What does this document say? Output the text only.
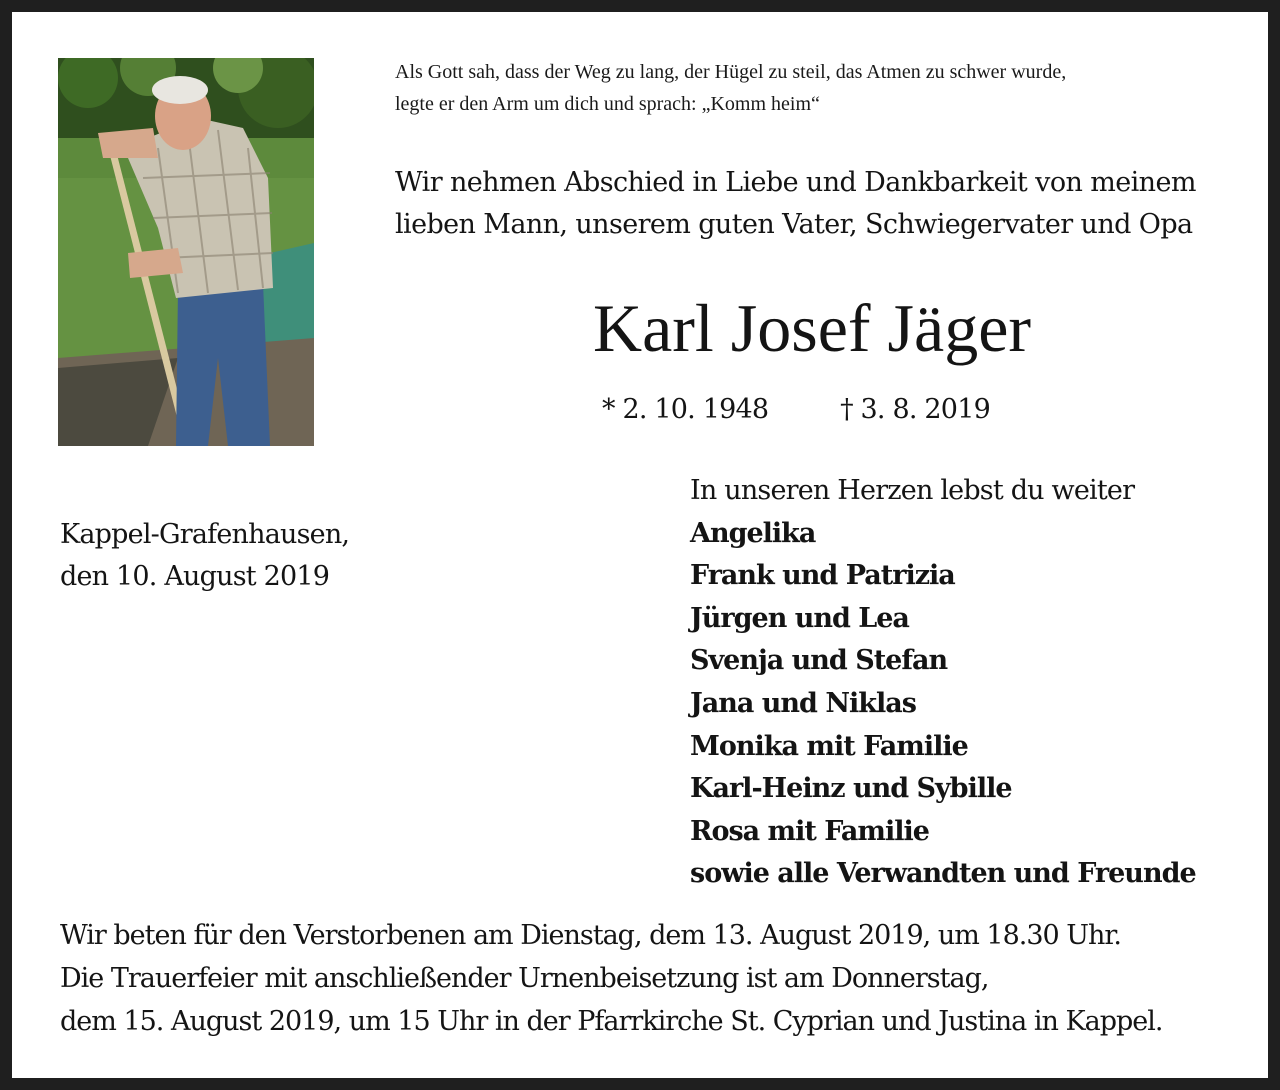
Als Gott sah, dass der Weg zu lang, der Hügel zu steil, das Atmen zu schwer wurde,
legte er den Arm um dich und sprach: „Komm heim“
Wir nehmen Abschied in Liebe und Dankbarkeit von meinem
lieben Mann, unserem guten Vater, Schwiegervater und Opa
Karl Josef Jäger
* 2. 10. 1948	† 3. 8. 2019
Kappel-Grafenhausen,
den 10. August 2019
In unseren Herzen lebst du weiter
Angelika
Frank und Patrizia
Jürgen und Lea
Svenja und Stefan
Jana und Niklas
Monika mit Familie
Karl-Heinz und Sybille
Rosa mit Familie
sowie alle Verwandten und Freunde
Wir beten für den Verstorbenen am Dienstag, dem 13. August 2019, um 18.30 Uhr.
Die Trauerfeier mit anschließender Urnenbeisetzung ist am Donnerstag,
dem 15. August 2019, um 15 Uhr in der Pfarrkirche St. Cyprian und Justina in Kappel.
